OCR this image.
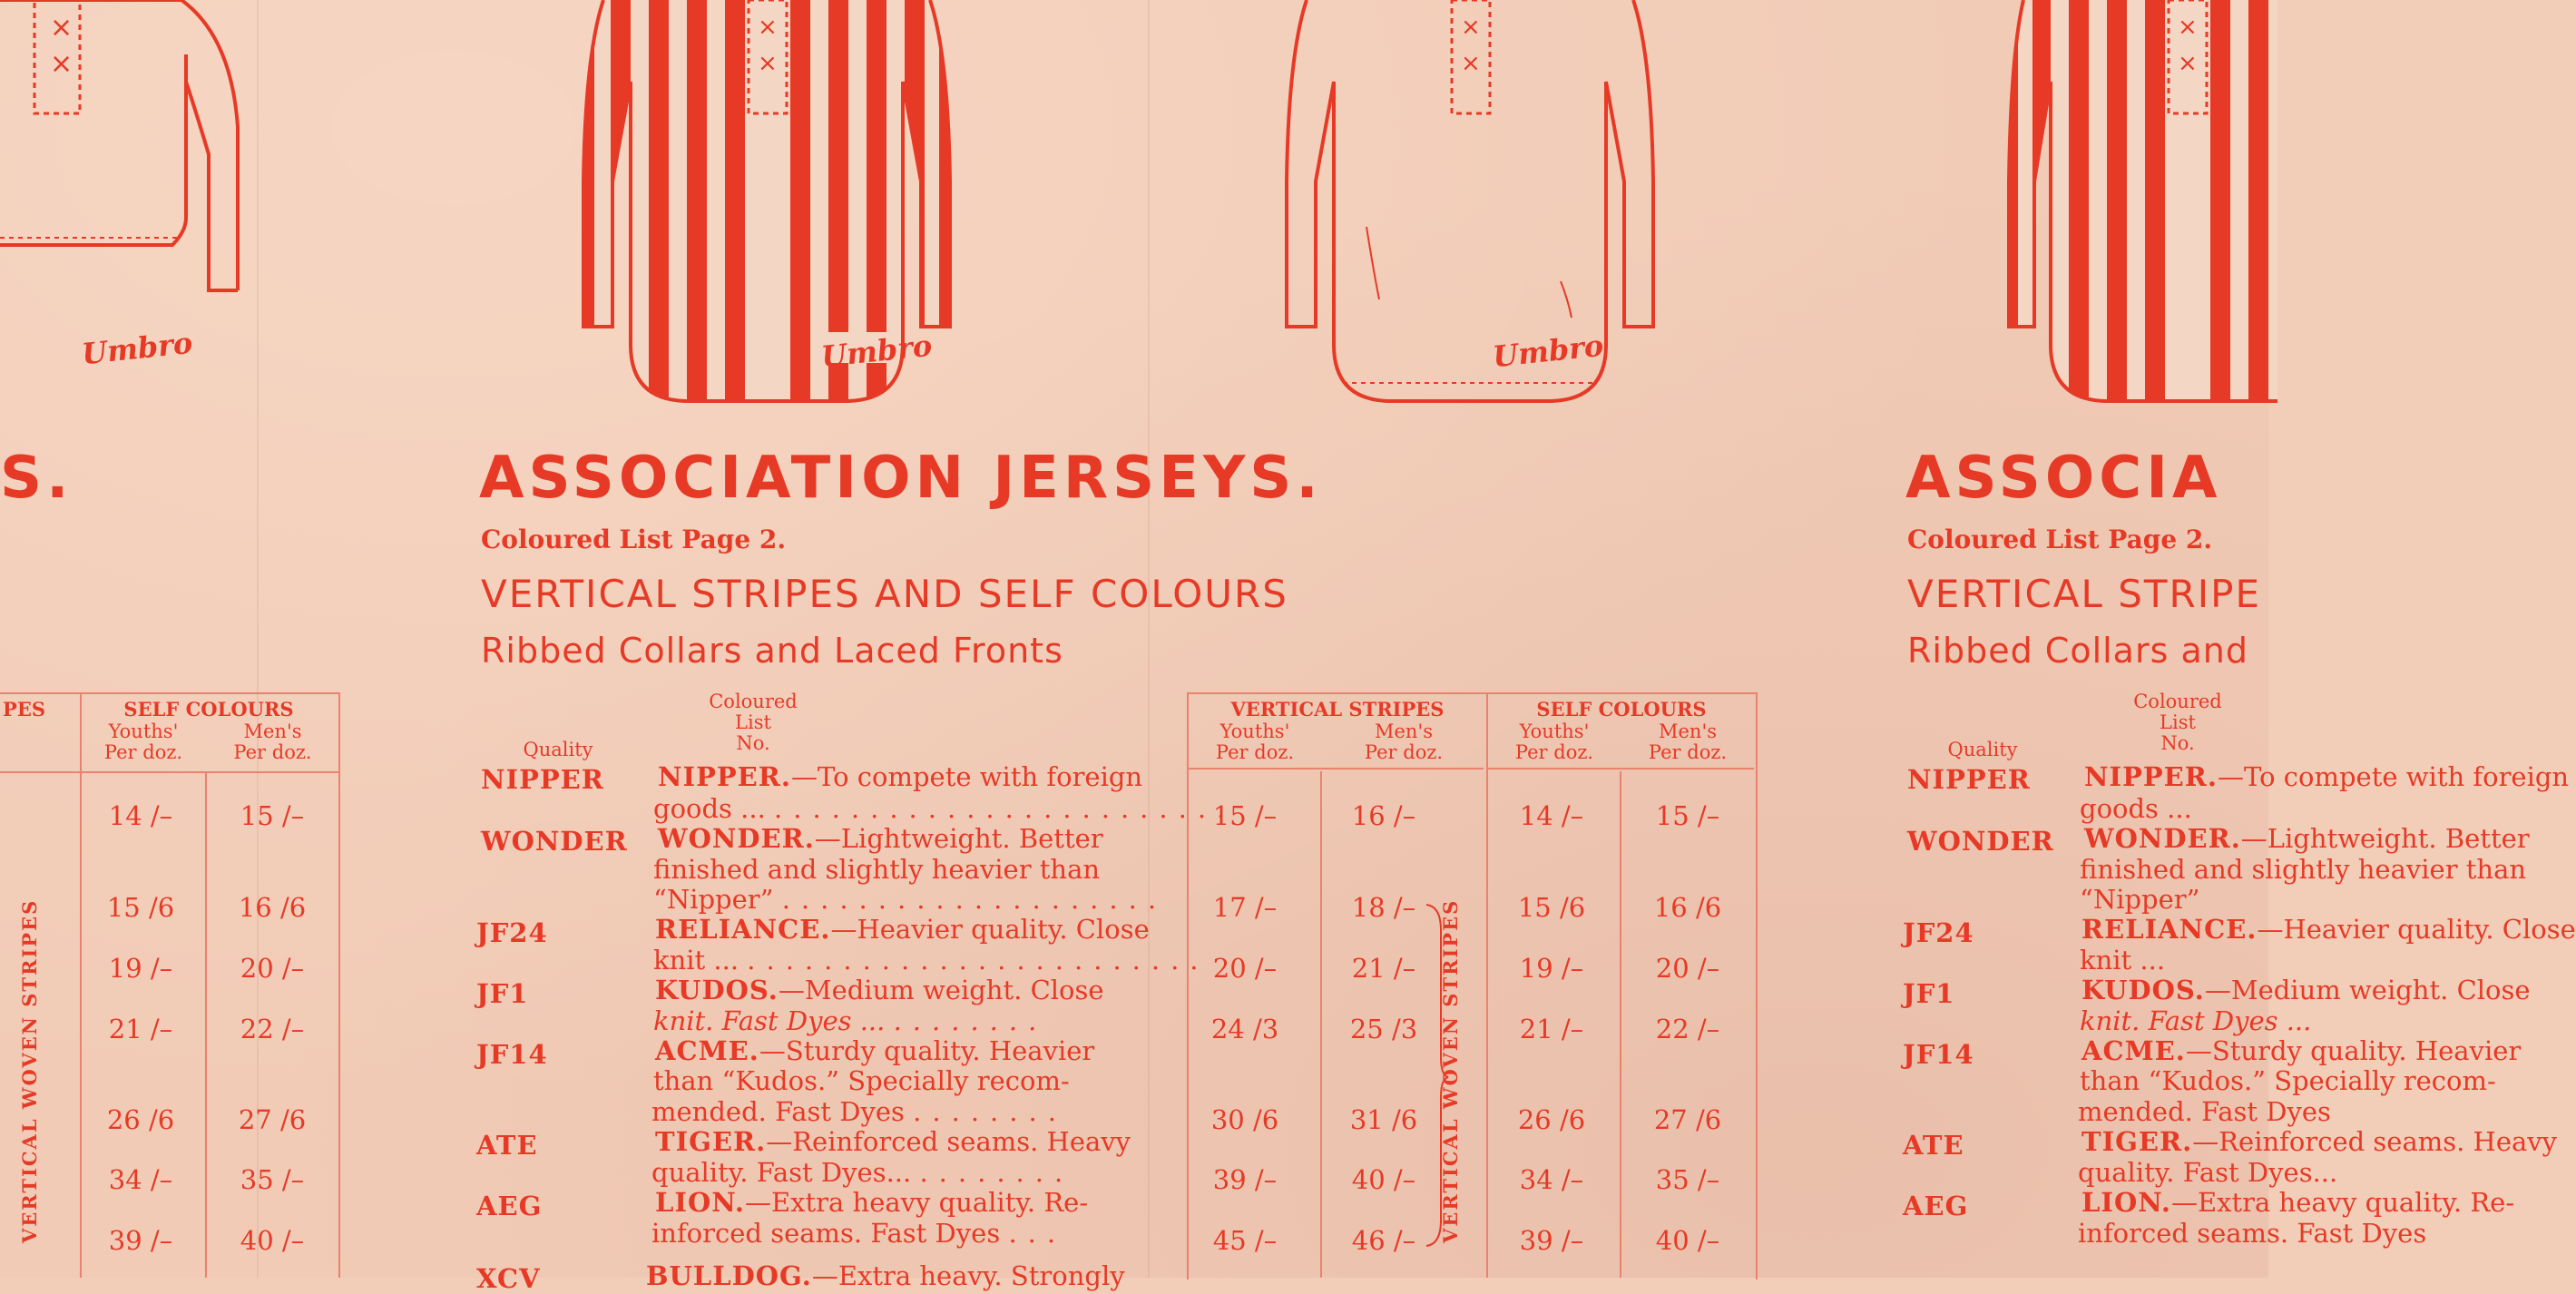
×
×
Umbro
S.
SELF COLOURS
Youths'
Per doz.
Men's
Per doz.
PES
VERTICAL WOVEN STRIPES
14 /–	15 /–
15 /6	16 /6
19 /–	20 /–
21 /–	22 /–
26 /6	27 /6
34 /–	35 /–
39 /–	40 /–
×
×
Umbro
×
×
Umbro
ASSOCIATION JERSEYS.
Coloured List Page 2.
VERTICAL STRIPES AND SELF COLOURS
Ribbed Collars and Laced Fronts
Quality
Coloured
List
No.
VERTICAL STRIPES
Youths'
Per doz.
Men's
Per doz.
SELF COLOURS
Youths'
Per doz.
Men's
Per doz.
VERTICAL WOVEN STRIPES
NIPPER NIPPER.—To compete with foreign
goods ... ........................
15 /–	16 /–	14 /–	15 /–
WONDER WONDER.—Lightweight. Better
finished and slightly heavier than
“Nipper” ....................	17 /–	18 /–	15 /6	16 /6
JF24	RELIANCE.—Heavier quality. Close
knit ... ........................ 20 /–	21 /–	19 /–	20 /–
JF1	KUDOS.—Medium weight. Close
knit. Fast Dyes ... ........	24 /3	25 /3	21 /–	22 /–
JF14	ACME.—Sturdy quality. Heavier
than “Kudos.” Specially recom-
mended. Fast Dyes ........	30 /6	31 /6	26 /6	27 /6
ATE	TIGER.—Reinforced seams. Heavy
quality. Fast Dyes... ........	39 /–	40 /–	34 /–	35 /–
AEG	LION.—Extra heavy quality. Re-
inforced seams. Fast Dyes ...	45 /–	46 /–	39 /–	40 /–
XCV	BULLDOG.—Extra heavy. Strongly
×
×
ASSOCIA
Coloured List Page 2.
VERTICAL STRIPE
Ribbed Collars and
Quality
Coloured
List
No.
NIPPER NIPPER.—To compete with foreign
goods ...
WONDER WONDER.—Lightweight. Better
finished and slightly heavier than
“Nipper”
JF24	RELIANCE.—Heavier quality. Close
knit ...
JF1	KUDOS.—Medium weight. Close
knit. Fast Dyes ...
JF14	ACME.—Sturdy quality. Heavier
than “Kudos.” Specially recom-
mended. Fast Dyes
ATE	TIGER.—Reinforced seams. Heavy
quality. Fast Dyes...
AEG	LION.—Extra heavy quality. Re-
inforced seams. Fast Dyes
